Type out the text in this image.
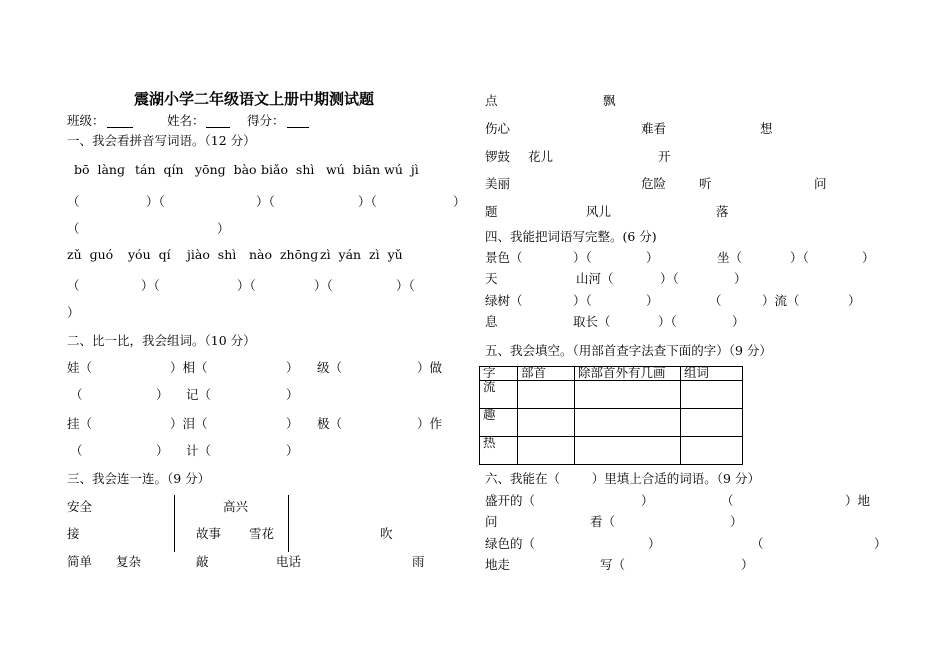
震湖小学二年级语文上册中期测试题
班级：	姓名：	得分：
一、我会看拼音写词语。（12 分）
bō  lànɡ tán  qín yōnɡ  bào biǎo  shì wú  biān wú  jì
（	）（	）（	）（	）
（	）
zǔ  ɡuó yóu  qí jiào  shì nào  zhōnɡ zì  yán  zì  yǔ
（	）（	）（	）（	）（
）
二、比一比，我会组词。（10 分）
娃（	）相（	） 级（	）做
（	） 记（	）
挂（	）泪（	） 极（	）作
（	） 计（	）
三、我会连一连。（9 分）
安全	高兴
接	故事 雪花	吹
简单 复杂	敲	电话	雨
点	飘
伤心	难看	想
锣鼓 花儿	开
美丽	危险	听	问
题	风儿	落
四、我能把词语写完整。(6 分)
景色（	）（	）	坐（	）（	）
天	山河（	）（	）
绿树（	）（	）	（	）流（	）
息	取长（	）（	）
五、我会填空。（用部首查字法查下面的字）（9 分）
字	部首	除部首外有几画	组词
流			
趣			
热			
六、我能在（        ）里填上合适的词语。（9 分）
盛开的（	）	（	）地
问	看（	）
绿色的（	）	（	）
地走	写（	）
